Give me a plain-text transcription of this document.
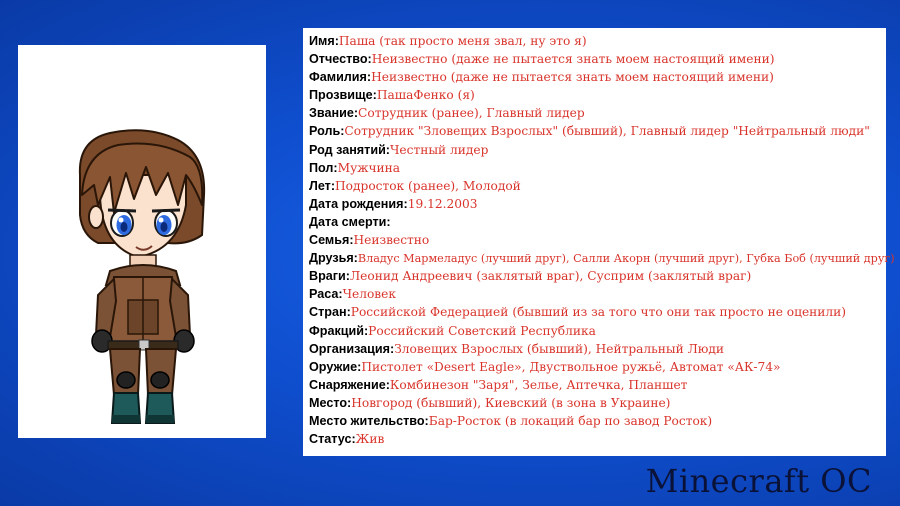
Имя:Паша (так просто меня звал, ну это я)
Отчество:Неизвестно (даже не пытается знать моем настоящий имени)
Фамилия:Неизвестно (даже не пытается знать моем настоящий имени)
Прозвище:ПашаФенко (я)
Звание:Сотрудник (ранее), Главный лидер
Роль:Сотрудник "Зловещих Взрослых" (бывший), Главный лидер "Нейтральный люди"
Род занятий:Честный лидер
Пол:Мужчина
Лет:Подросток (ранее), Молодой
Дата рождения:19.12.2003
Дата смерти:
Семья:Неизвестно
Друзья:Владус Мармеладус (лучший друг), Салли Акорн (лучший друг), Губка Боб (лучший друг)
Враги:Леонид Андреевич (заклятый враг), Сусприм (заклятый враг)
Раса:Человек
Стран:Российской Федерацией (бывший из за того что они так просто не оценили)
Фракций:Российский Советский Республика
Организация:Зловещих Взрослых (бывший), Нейтральный Люди
Оружие:Пистолет «Desert Eagle», Двуствольное ружьё, Автомат «АК-74»
Снаряжение:Комбинезон "Заря", Зелье, Аптечка, Планшет
Место:Новгород (бывший), Киевский (в зона в Украине)
Место жительство:Бар-Росток (в локаций бар по завод Росток)
Статус:Жив
Minecraft OC
